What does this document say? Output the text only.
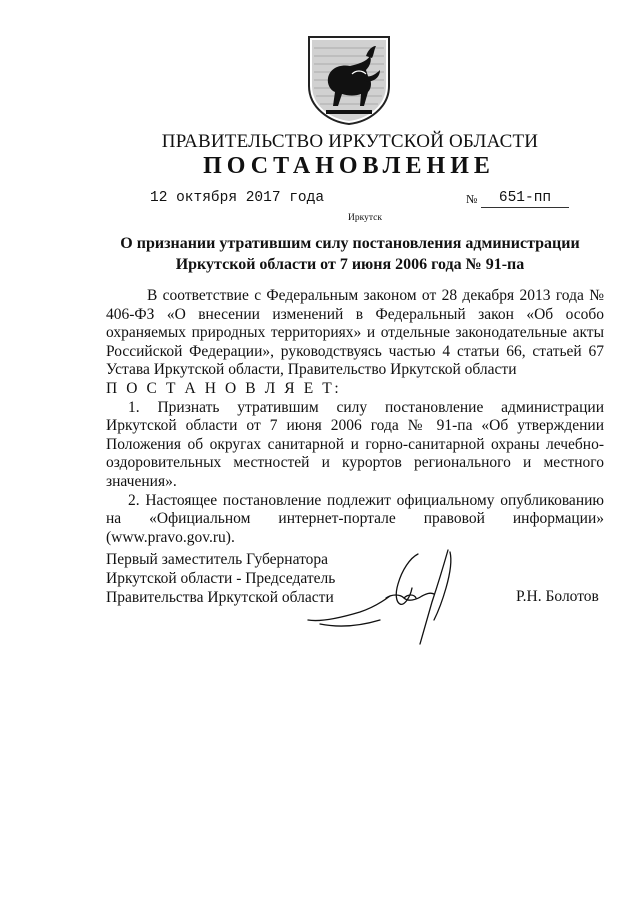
ПРАВИТЕЛЬСТВО ИРКУТСКОЙ ОБЛАСТИ
ПОСТАНОВЛЕНИЕ
12 октября 2017 года	№	651-пп
Иркутск
О признании утратившим силу постановления администрации
Иркутской области от 7 июня 2006 года № 91-па

В соответствие с Федеральным законом от 28 декабря 2013 года № 406-ФЗ «О внесении изменений в Федеральный закон «Об особо охраняемых природных территориях» и отдельные законодательные акты Российской Федерации», руководствуясь частью 4 статьи 66, статьей 67 Устава Иркутской области, Правительство Иркутской области

П О С Т А Н О В Л Я Е Т:

1. Признать утратившим силу постановление администрации Иркутской области от 7 июня 2006 года № 91-па «Об утверждении Положения об округах санитарной и горно-санитарной охраны лечебно-оздоровительных местностей и курортов регионального и местного значения».

2. Настоящее постановление подлежит официальному опубликованию на «Официальном интернет-портале правовой информации» (www.pravo.gov.ru).

Первый заместитель Губернатора
Иркутской области - Председатель
Правительства Иркутской области	Р.Н. Болотов
